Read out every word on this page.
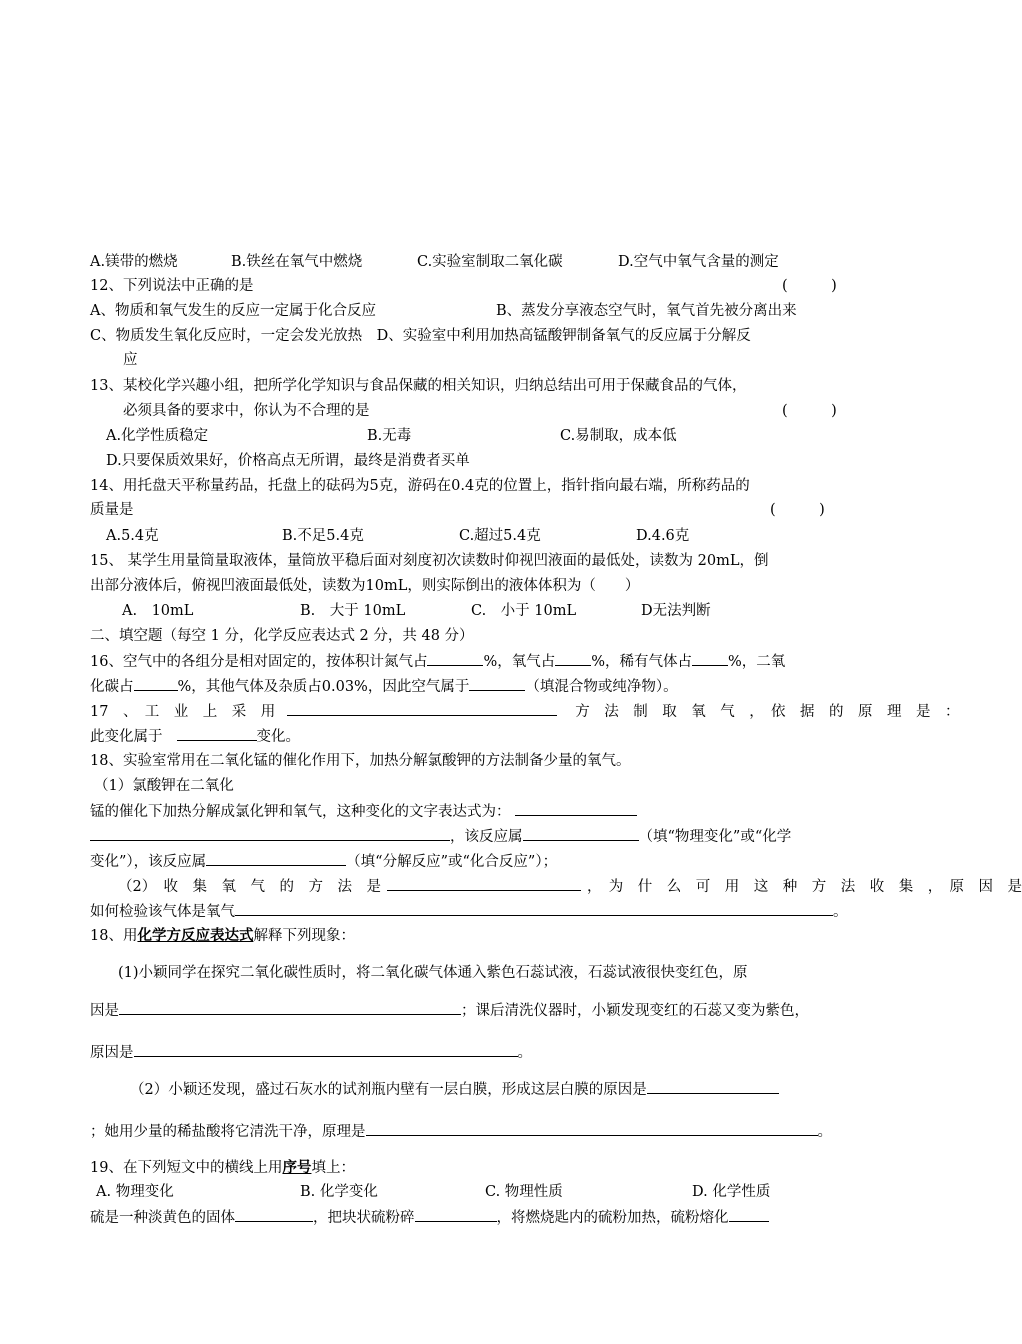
A.镁带的燃烧	B.铁丝在氧气中燃烧	C.实验室制取二氧化碳	D.空气中氧气含量的测定
12、下列说法中正确的是	(　　　)
A、物质和氧气发生的反应一定属于化合反应	B、蒸发分享液态空气时，氧气首先被分离出来
C、物质发生氧化反应时，一定会发光放热　D、实验室中利用加热高锰酸钾制备氧气的反应属于分解反
应
13、某校化学兴趣小组，把所学化学知识与食品保藏的相关知识，归纳总结出可用于保藏食品的气体，
必须具备的要求中，你认为不合理的是	(　　　)
A.化学性质稳定	B.无毒	C.易制取，成本低
D.只要保质效果好，价格高点无所谓，最终是消费者买单
14、用托盘天平称量药品，托盘上的砝码为5克，游码在0.4克的位置上，指针指向最右端，所称药品的
质量是	(　　　)
A.5.4克	B.不足5.4克	C.超过5.4克	D.4.6克
15、 某学生用量筒量取液体，量筒放平稳后面对刻度初次读数时仰视凹液面的最低处，读数为 20mL，倒
出部分液体后，俯视凹液面最低处，读数为10mL，则实际倒出的液体体积为（　　）
A.　10mL	B.　大于 10mL	C.　小于 10mL	D无法判断
二、填空题（每空 1 分，化学反应表达式 2 分，共 48 分）
16、空气中的各组分是相对固定的，按体积计氮气占	%，氧气占 %，稀有气体占 %，二氧
化碳占	%，其他气体及杂质占0.03%，因此空气属于	（填混合物或纯净物）。
17　、　工　业　上　采　用	方　法　制　取　氧　气　，　依　据　的　原　理　是　：
此变化属于	变化。
18、实验室常用在二氧化锰的催化作用下，加热分解氯酸钾的方法制备少量的氧气。
（1）氯酸钾在二氧化
锰的催化下加热分解成氯化钾和氧气，这种变化的文字表达式为：
，该反应属	（填“物理变化”或“化学
变化”），该反应属	（填“分解反应”或“化合反应”）；
（2）　收　集　氧　气　的　方　法　是	，　为　什　么　可　用　这　种　方　法　收　集　，　原　因　是
如何检验该气体是氧气	。
18、用化学方反应表达式解释下列现象：
(1)小颖同学在探究二氧化碳性质时，将二氧化碳气体通入紫色石蕊试液，石蕊试液很快变红色，原
因是	；课后清洗仪器时，小颖发现变红的石蕊又变为紫色，
原因是	。
（2）小颖还发现，盛过石灰水的试剂瓶内壁有一层白膜，形成这层白膜的原因是
；她用少量的稀盐酸将它清洗干净，原理是	。
19、在下列短文中的横线上用序号填上：
A. 物理变化	B. 化学变化	C. 物理性质	D. 化学性质
硫是一种淡黄色的固体	，把块状硫粉碎	，将燃烧匙内的硫粉加热，硫粉熔化
